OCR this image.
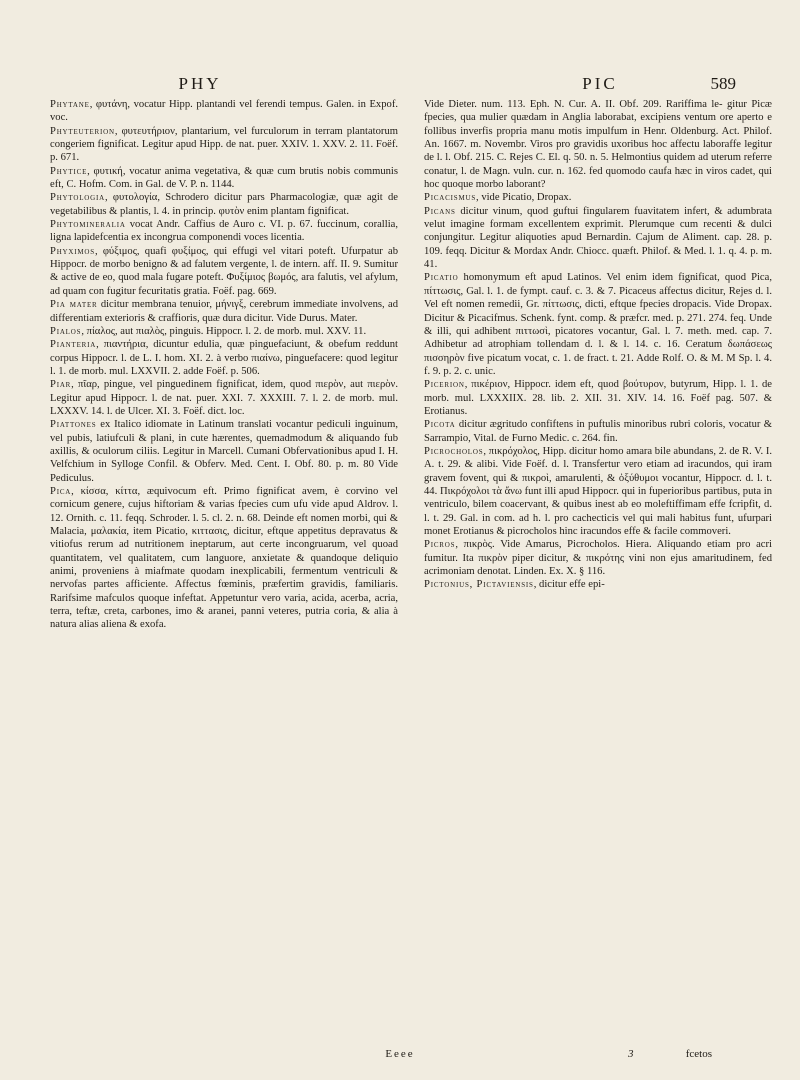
PHY	PIC	589

Phytane, φυτάνη, vocatur Hipp. plantandi vel ferendi tempus. Galen. in Expof. voc.

Phyteuterion, φυτευτήριον, plantarium, vel furculorum in terram plantatorum congeriem fignificat. Legitur apud Hipp. de nat. puer. XXIV. 1. XXV. 2. 11. Foëf. p. 671.

Phytice, φυτική, vocatur anima vegetativa, & quæ cum brutis nobis communis eft, C. Hofm. Com. in Gal. de V. P. n. 1144.

Phytologia, φυτολογία, Schrodero dicitur pars Pharmacologiæ, quæ agit de vegetabilibus & plantis, l. 4. in princip. φυτὸν enim plantam fignificat.

Phytomineralia vocat Andr. Caffius de Auro c. VI. p. 67. fuccinum, corallia, ligna lapidefcentia ex incongrua componendi voces licentia.

Phyximos, φύξιμος, quafi φυξίμος, qui effugi vel vitari poteft. Ufurpatur ab Hippocr. de morbo benigno & ad falutem vergente, l. de intern. aff. II. 9. Sumitur & active de eo, quod mala fugare poteft. Φυξίμιος βωμός, ara falutis, vel afylum, ad quam con fugitur fecuritatis gratia. Foëf. pag. 669.

Pia mater dicitur membrana tenuior, μήνιγξ, cerebrum immediate involvens, ad differentiam exterioris & craffioris, quæ dura dicitur. Vide Durus. Mater.

Pialos, πίαλος, aut πιαλὸς, pinguis. Hippocr. l. 2. de morb. mul. XXV. 11.

Pianteria, πιαντήρια, dicuntur edulia, quæ pinguefaciunt, & obefum reddunt corpus Hippocr. l. de L. I. hom. XI. 2. à verbo πιαίνω, pinguefacere: quod legitur l. 1. de morb. mul. LXXVII. 2. adde Foëf. p. 506.

Piar, πῖαρ, pingue, vel pinguedinem fignificat, idem, quod πιερὸν, aut πιερὸν. Legitur apud Hippocr. l. de nat. puer. XXI. 7. XXXIII. 7. l. 2. de morb. mul. LXXXV. 14. l. de Ulcer. XI. 3. Foëf. dict. loc.

Piattones ex Italico idiomate in Latinum translati vocantur pediculi inguinum, vel pubis, latiufculi & plani, in cute hærentes, quemadmodum & aliquando fub axillis, & oculorum ciliis. Legitur in Marcell. Cumani Obfervationibus apud I. H. Velfchium in Sylloge Confil. & Obferv. Med. Cent. I. Obf. 80. p. m. 80 Vide Pediculus.

Pica, κίσσα, κίττα, æquivocum eft. Primo fignificat avem, è corvino vel cornicum genere, cujus hiftoriam & varias fpecies cum ufu vide apud Aldrov. l. 12. Ornith. c. 11. feqq. Schroder. l. 5. cl. 2. n. 68. Deinde eft nomen morbi, qui & Malacia, μαλακία, item Picatio, κιττασις, dicitur, eftque appetitus depravatus & vitiofus rerum ad nutritionem ineptarum, aut certe incongruarum, vel quoad quantitatem, vel qualitatem, cum languore, anxietate & quandoque deliquio animi, proveniens à miafmate quodam inexplicabili, fermentum ventriculi & nervofas partes afficiente. Affectus fœminis, præfertim gravidis, familiaris. Rarifsime mafculos quoque infeftat. Appetuntur vero varia, acida, acerba, acria, terra, teftæ, creta, carbones, imo & aranei, panni veteres, putria coria, & alia à natura alias aliena & exofa.

Vide Dieter. num. 113. Eph. N. Cur. A. II. Obf. 209. Rariffima le- gitur Picæ fpecies, qua mulier quædam in Anglia laborabat, excipiens ventum ore aperto e follibus inverfis propria manu motis impulfum in Henr. Oldenburg. Act. Philof. An. 1667. m. Novembr. Viros pro gravidis uxoribus hoc affectu laboraffe legitur de l. l. Obf. 215. C. Rejes C. El. q. 50. n. 5. Helmontius quidem ad uterum referre conatur, l. de Magn. vuln. cur. n. 162. fed quomodo caufa hæc in viros cadet, qui hoc quoque morbo laborant?

Picacismus, vide Picatio, Dropax.

Picans dicitur vinum, quod guftui fingularem fuavitatem infert, & adumbrata velut imagine formam excellentem exprimit. Plerumque cum recenti & dulci conjungitur. Legitur aliquoties apud Bernardin. Cajum de Aliment. cap. 28. p. 109. feqq. Dicitur & Mordax Andr. Chiocc. quæft. Philof. & Med. l. 1. q. 4. p. m. 41.

Picatio homonymum eft apud Latinos. Vel enim idem fignificat, quod Pica, πίττωσις, Gal. l. 1. de fympt. cauf. c. 3. & 7. Picaceus affectus dicitur, Rejes d. l. Vel eft nomen remedii, Gr. πίττωσις, dicti, eftque fpecies dropacis. Vide Dropax. Dicitur & Picacifmus. Schenk. fynt. comp. & præfcr. med. p. 271. 274. feq. Unde & illi, qui adhibent πιττωσὶ, picatores vocantur, Gal. l. 7. meth. med. cap. 7. Adhibetur ad atrophiam tollendam d. l. & l. 14. c. 16. Ceratum δωπάσεως πισσηρὸν five picatum vocat, c. 1. de fract. t. 21. Adde Rolf. O. & M. M Sp. l. 4. f. 9. p. 2. c. unic.

Picerion, πικέριον, Hippocr. idem eft, quod βούτυρον, butyrum, Hipp. l. 1. de morb. mul. LXXXIIX. 28. lib. 2. XII. 31. XIV. 14. 16. Foëf pag. 507. & Erotianus.

Picota dicitur ægritudo confiftens in puftulis minoribus rubri coloris, vocatur & Sarrampio, Vital. de Furno Medic. c. 264. fin.

Picrocholos, πικρόχολος, Hipp. dicitur homo amara bile abundans, 2. de R. V. I. A. t. 29. & alibi. Vide Foëf. d. l. Transfertur vero etiam ad iracundos, qui iram gravem fovent, qui & πικροὶ, amarulenti, & ὀξύθυμοι vocantur, Hippocr. d. l. t. 44. Πικρόχολοι τὰ ἄνω funt illi apud Hippocr. qui in fuperioribus partibus, puta in ventriculo, bilem coacervant, & quibus inest ab eo moleftiffimam effe fcripfit, d. l. t. 29. Gal. in com. ad h. l. pro cachecticis vel qui mali habitus funt, ufurpari monet Erotianus & picrocholos hinc iracundos effe & facile commoveri.

Picros, πικρὸς. Vide Amarus, Picrocholos. Hiera. Aliquando etiam pro acri fumitur. Ita πικρὸν piper dicitur, & πικρότης vini non ejus amaritudinem, fed acrimoniam denotat. Linden. Ex. X. § 116.

Pictonius, Pictaviensis, dicitur effe epi-

Eeee	3	fcetos
